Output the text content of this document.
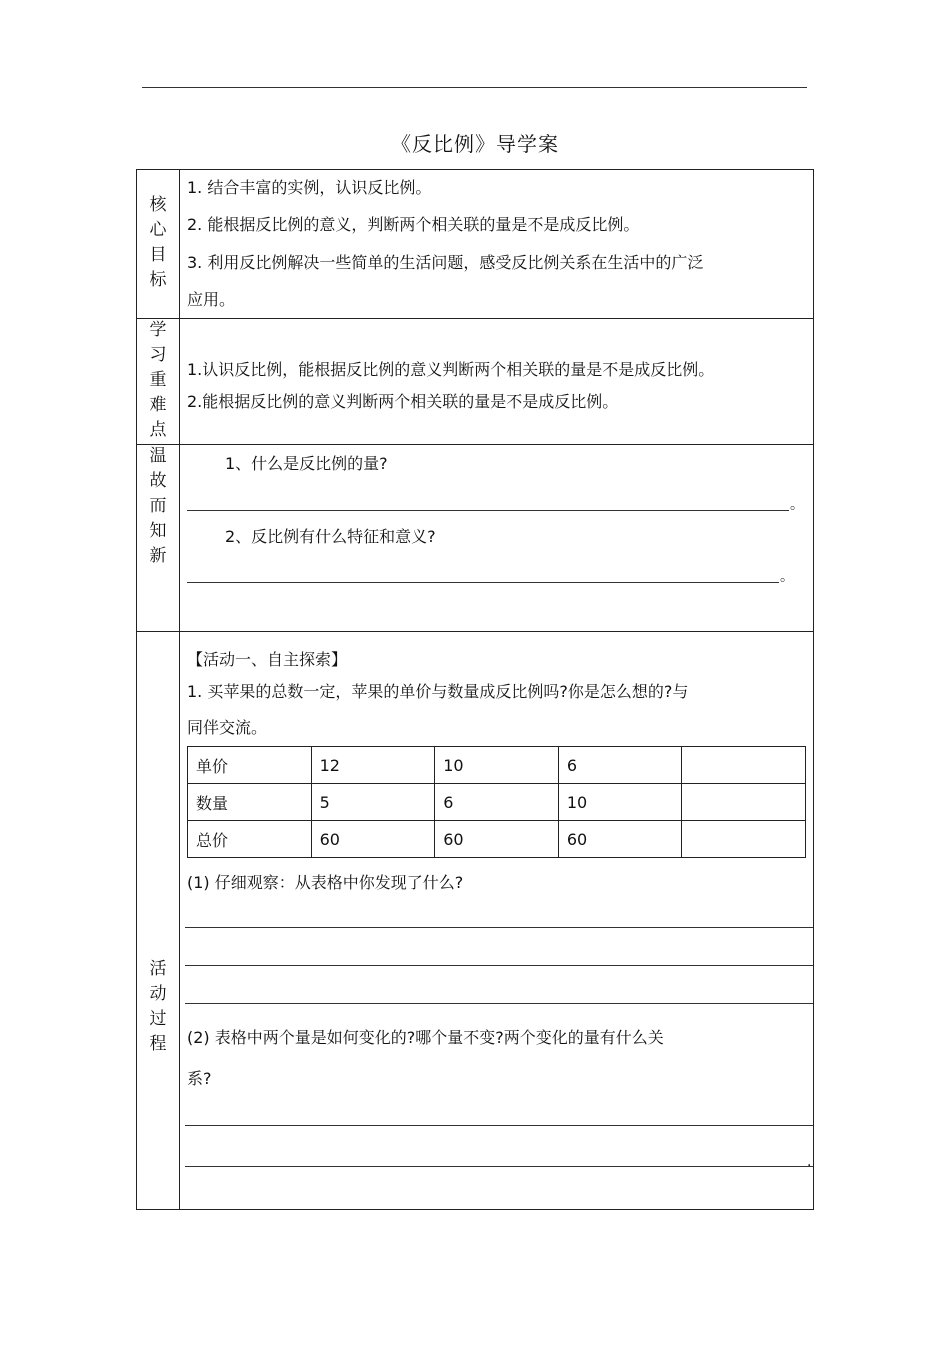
《反比例》导学案
核
心
目
标
1. 结合丰富的实例，认识反比例。
2. 能根据反比例的意义，判断两个相关联的量是不是成反比例。
3. 利用反比例解决一些简单的生活问题，感受反比例关系在生活中的广泛
应用。
学
习
重
难
点
1.认识反比例，能根据反比例的意义判断两个相关联的量是不是成反比例。
2.能根据反比例的意义判断两个相关联的量是不是成反比例。
温
故
而
知
新
1、什么是反比例的量?
。
2、反比例有什么特征和意义?
。
活
动
过
程
【活动一、自主探索】
1. 买苹果的总数一定，苹果的单价与数量成反比例吗?你是怎么想的?与
同伴交流。
单价	12	10	6	
数量	5	6	10	
总价	60	60	60	
(1) 仔细观察：从表格中你发现了什么?
(2) 表格中两个量是如何变化的?哪个量不变?两个变化的量有什么关
系?
.
